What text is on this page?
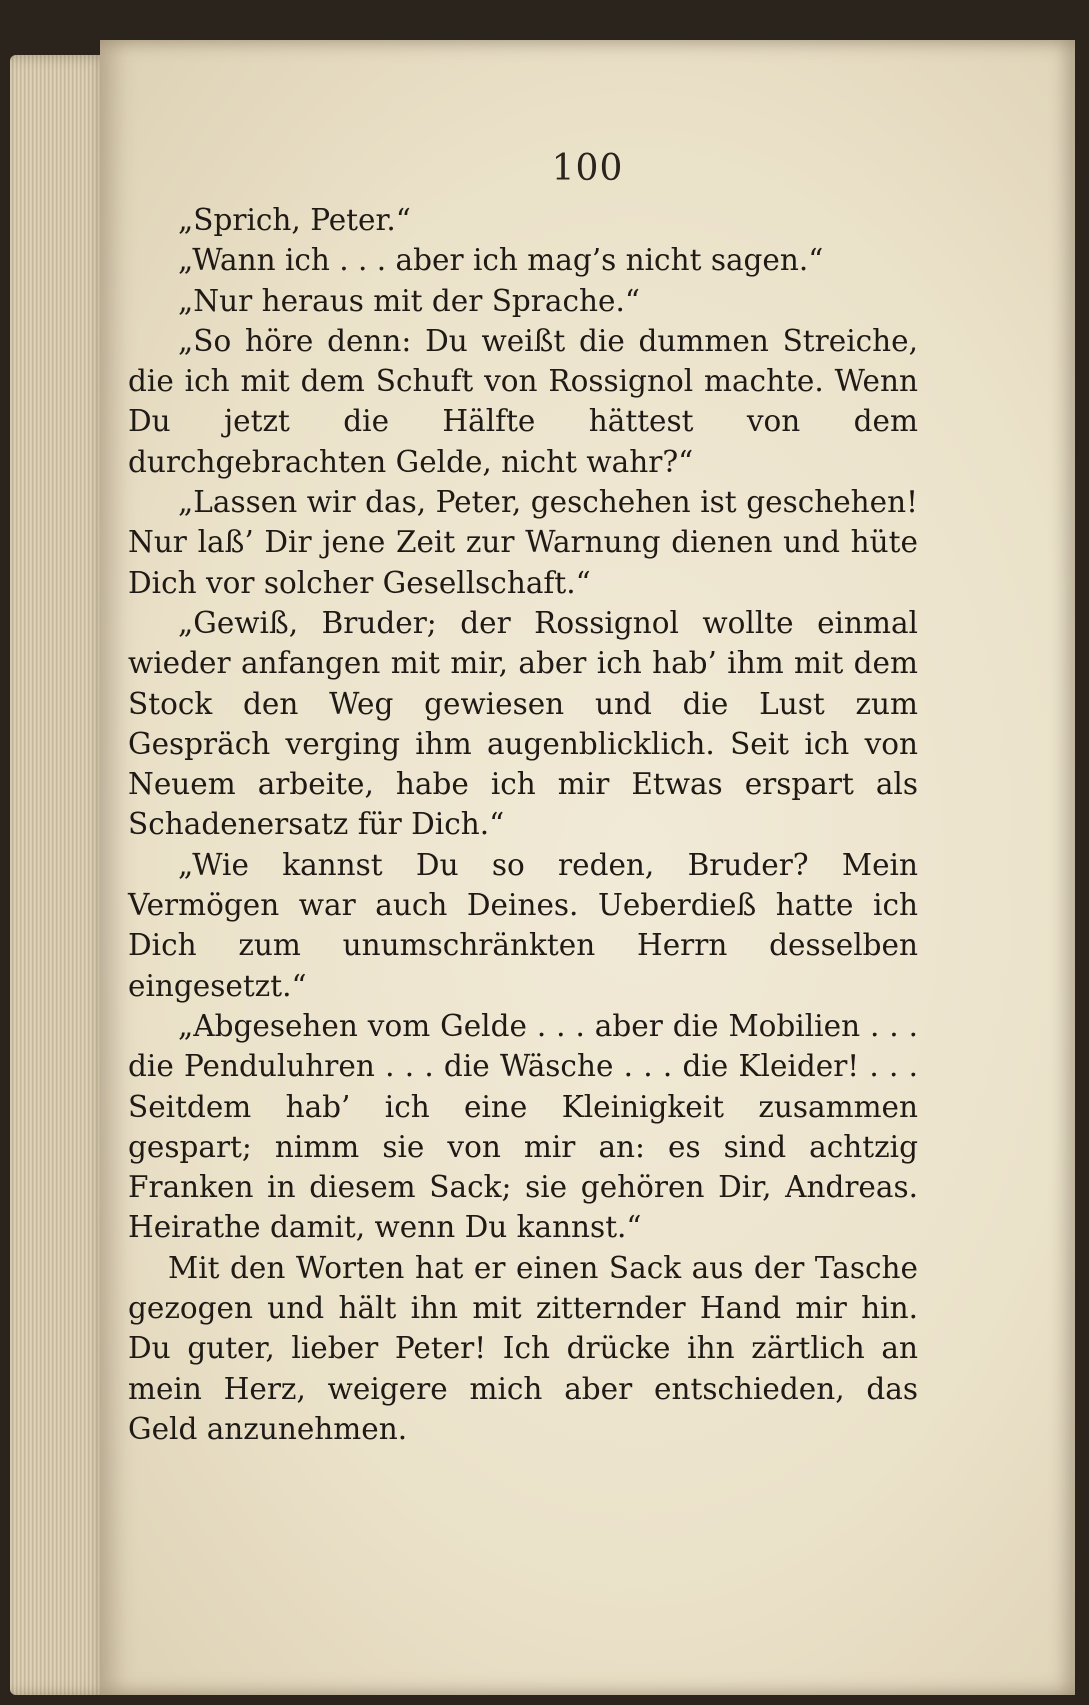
100

„Sprich, Peter.“

„Wann ich . . . aber ich mag’s nicht sagen.“

„Nur heraus mit der Sprache.“

„So höre denn: Du weißt die dummen Streiche, die ich mit dem Schuft von Rossignol machte. Wenn Du jetzt die Hälfte hättest von dem durchgebrachten Gelde, nicht wahr?“

„Lassen wir das, Peter, geschehen ist geschehen! Nur laß’ Dir jene Zeit zur Warnung dienen und hüte Dich vor solcher Gesellschaft.“

„Gewiß, Bruder; der Rossignol wollte einmal wieder anfangen mit mir, aber ich hab’ ihm mit dem Stock den Weg gewiesen und die Lust zum Gespräch verging ihm augenblicklich. Seit ich von Neuem arbeite, habe ich mir Etwas erspart als Schadenersatz für Dich.“

„Wie kannst Du so reden, Bruder? Mein Vermögen war auch Deines. Ueberdieß hatte ich Dich zum unumschränkten Herrn desselben eingesetzt.“

„Abgesehen vom Gelde . . . aber die Mobilien . . . die Penduluhren . . . die Wäsche . . . die Kleider! . . . Seitdem hab’ ich eine Kleinigkeit zusammen gespart; nimm sie von mir an: es sind achtzig Franken in diesem Sack; sie gehören Dir, Andreas. Heirathe damit, wenn Du kannst.“

Mit den Worten hat er einen Sack aus der Tasche gezogen und hält ihn mit zitternder Hand mir hin. Du guter, lieber Peter! Ich drücke ihn zärtlich an mein Herz, weigere mich aber entschieden, das Geld anzunehmen.
